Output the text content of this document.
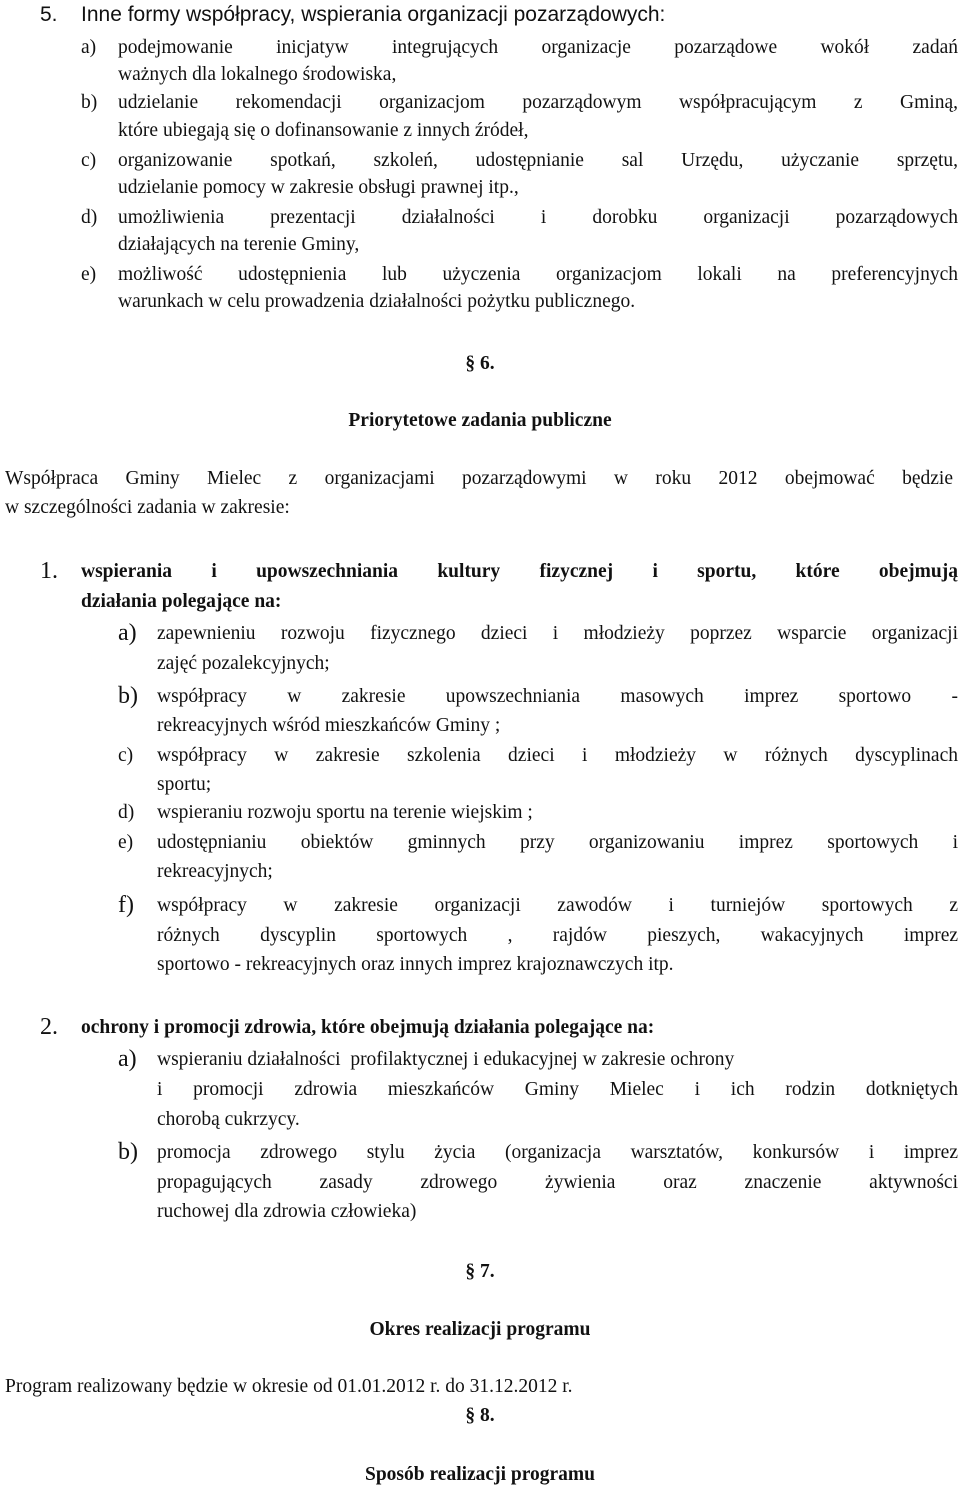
5. Inne formy współpracy, wspierania organizacji pozarządowych:
a) podejmowanie inicjatyw integrujących organizacje pozarządowe wokół zadań
ważnych dla lokalnego środowiska,
b) udzielanie rekomendacji organizacjom pozarządowym współpracującym z Gminą,
które ubiegają się o dofinansowanie z innych źródeł,
c) organizowanie spotkań, szkoleń, udostępnianie sal Urzędu, użyczanie sprzętu,
udzielanie pomocy w zakresie obsługi prawnej itp.,
d) umożliwienia prezentacji działalności i dorobku organizacji pozarządowych
działających na terenie Gminy,
e) możliwość udostępnienia lub użyczenia organizacjom lokali na preferencyjnych
warunkach w celu prowadzenia działalności pożytku publicznego.
§ 6.
Priorytetowe zadania publiczne
Współpraca Gminy Mielec z organizacjami pozarządowymi w roku 2012 obejmować będzie
w szczególności zadania w zakresie:
1. wspierania i upowszechniania kultury fizycznej i sportu, które obejmują
działania polegające na:
a) zapewnieniu rozwoju fizycznego dzieci i młodzieży poprzez wsparcie organizacji
zajęć pozalekcyjnych;
b) współpracy w zakresie upowszechniania masowych imprez sportowo -
rekreacyjnych wśród mieszkańców Gminy ;
c) współpracy w zakresie szkolenia dzieci i młodzieży w różnych dyscyplinach
sportu;
d) wspieraniu rozwoju sportu na terenie wiejskim ;
e) udostępnianiu obiektów gminnych przy organizowaniu imprez sportowych i
rekreacyjnych;
f) współpracy w zakresie organizacji zawodów i turniejów sportowych z
różnych dyscyplin sportowych , rajdów pieszych, wakacyjnych imprez
sportowo - rekreacyjnych oraz innych imprez krajoznawczych itp.
2. ochrony i promocji zdrowia, które obejmują działania polegające na:
a) wspieraniu działalności  profilaktycznej i edukacyjnej w zakresie ochrony
i promocji zdrowia mieszkańców Gminy Mielec i ich rodzin dotkniętych
chorobą cukrzycy.
b) promocja zdrowego stylu życia (organizacja warsztatów, konkursów i imprez
propagujących zasady zdrowego żywienia oraz znaczenie aktywności
ruchowej dla zdrowia człowieka)
§ 7.
Okres realizacji programu
Program realizowany będzie w okresie od 01.01.2012 r. do 31.12.2012 r.
§ 8.
Sposób realizacji programu
